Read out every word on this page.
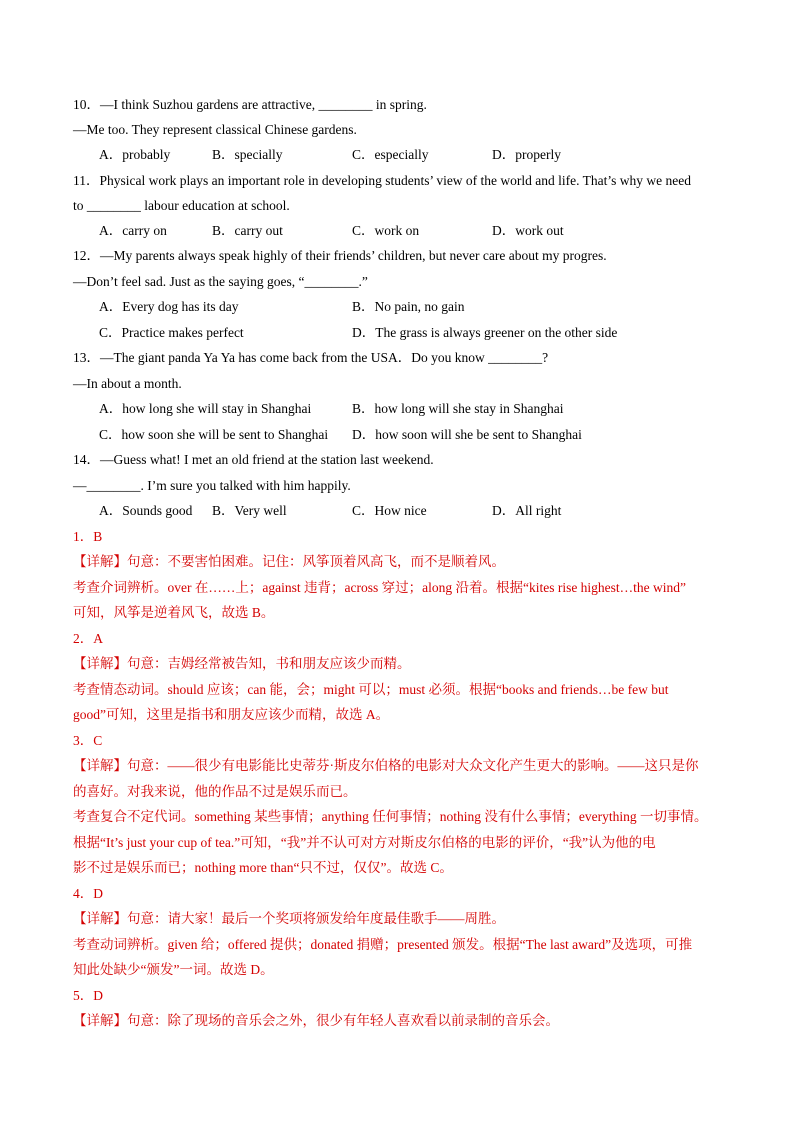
10．—I think Suzhou gardens are attractive, ________ in spring.
—Me too. They represent classical Chinese gardens.
A．probably	B．specially	C．especially	D．properly
11．Physical work plays an important role in developing students’ view of the world and life. That’s why we need
to ________ labour education at school.
A．carry on	B．carry out	C．work on	D．work out
12．—My parents always speak highly of their friends’ children, but never care about my progres.
—Don’t feel sad. Just as the saying goes, “________.”
A．Every dog has its day	B．No pain, no gain
C．Practice makes perfect	D．The grass is always greener on the other side
13．—The giant panda Ya Ya has come back from the USA．Do you know ________?
—In about a month.
A．how long she will stay in Shanghai	B．how long will she stay in Shanghai
C．how soon she will be sent to Shanghai D．how soon will she be sent to Shanghai
14．—Guess what! I met an old friend at the station last weekend.
—________. I’m sure you talked with him happily.
A．Sounds good B．Very well	C．How nice	D．All right
1．B
【详解】句意：不要害怕困难。记住：风筝顶着风高飞，而不是顺着风。
考查介词辨析。over 在……上；against 违背；across 穿过；along 沿着。根据“kites rise highest…the wind”
可知，风筝是逆着风飞，故选 B。
2．A
【详解】句意：吉姆经常被告知，书和朋友应该少而精。
考查情态动词。should 应该；can 能，会；might 可以；must 必须。根据“books and friends…be few but
good”可知，这里是指书和朋友应该少而精，故选 A。
3．C
【详解】句意：——很少有电影能比史蒂芬·斯皮尔伯格的电影对大众文化产生更大的影响。——这只是你
的喜好。对我来说，他的作品不过是娱乐而已。
考查复合不定代词。something 某些事情；anything 任何事情；nothing 没有什么事情；everything 一切事情。
根据“It’s just your cup of tea.”可知，“我”并不认可对方对斯皮尔伯格的电影的评价，“我”认为他的电
影不过是娱乐而已；nothing more than“只不过，仅仅”。故选 C。
4．D
【详解】句意：请大家！最后一个奖项将颁发给年度最佳歌手——周胜。
考查动词辨析。given 给；offered 提供；donated 捐赠；presented 颁发。根据“The last award”及选项，可推
知此处缺少“颁发”一词。故选 D。
5．D
【详解】句意：除了现场的音乐会之外，很少有年轻人喜欢看以前录制的音乐会。
